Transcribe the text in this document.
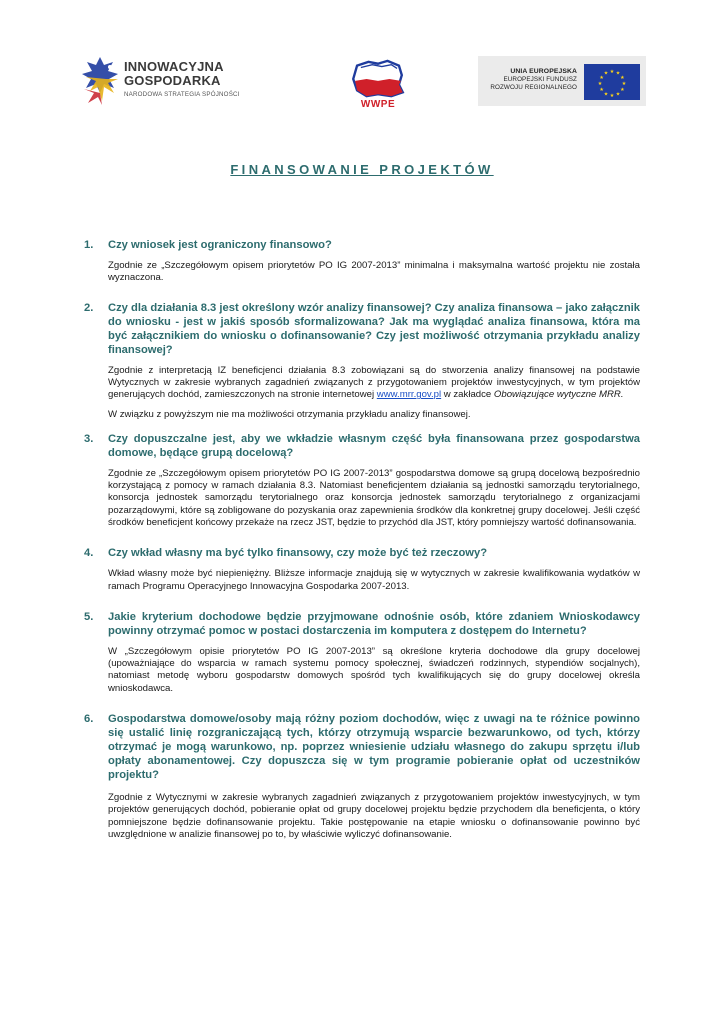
INNOWACYJNA
GOSPODARKA
NARODOWA STRATEGIA SPÓJNOŚCI
WWPE
UNIA EUROPEJSKA
EUROPEJSKI FUNDUSZ
ROZWOJU REGIONALNEGO
★ ★
★
★
★
★
★
★
★
★
★
★
FINANSOWANIE PROJEKTÓW
1.	Czy wniosek jest ograniczony finansowo?

Zgodnie ze „Szczegółowym opisem priorytetów PO IG 2007-2013” minimalna i maksymalna wartość projektu nie została wyznaczona.

2.	Czy dla działania 8.3 jest określony wzór analizy finansowej? Czy analiza finansowa – jako załącznik do wniosku - jest w jakiś sposób sformalizowana? Jak ma wyglądać analiza finansowa, która ma być załącznikiem do wniosku o dofinansowanie? Czy jest możliwość otrzymania przykładu analizy finansowej?

Zgodnie z interpretacją IZ beneficjenci działania 8.3 zobowiązani są do stworzenia analizy finansowej na podstawie Wytycznych w zakresie wybranych zagadnień związanych z przygotowaniem projektów inwestycyjnych, w tym projektów generujących dochód, zamieszczonych na stronie internetowej www.mrr.gov.pl w zakładce Obowiązujące wytyczne MRR.

W związku z powyższym nie ma możliwości otrzymania przykładu analizy finansowej.

3.	Czy dopuszczalne jest, aby we wkładzie własnym część była finansowana przez gospodarstwa domowe, będące grupą docelową?

Zgodnie ze „Szczegółowym opisem priorytetów PO IG 2007-2013” gospodarstwa domowe są grupą docelową bezpośrednio korzystającą z pomocy w ramach działania 8.3. Natomiast beneficjentem działania są jednostki samorządu terytorialnego, konsorcja jednostek samorządu terytorialnego oraz konsorcja jednostek samorządu terytorialnego z organizacjami pozarządowymi, które są zobligowane do pozyskania oraz zapewnienia środków dla konkretnej grupy docelowej. Jeśli część środków beneficjent końcowy przekaże na rzecz JST, będzie to przychód dla JST, który pomniejszy wartość dofinansowania.

4.	Czy wkład własny ma być tylko finansowy, czy może być też rzeczowy?

Wkład własny może być niepieniężny. Bliższe informacje znajdują się w wytycznych w zakresie kwalifikowania wydatków w ramach Programu Operacyjnego Innowacyjna Gospodarka 2007-2013.

5.	Jakie kryterium dochodowe będzie przyjmowane odnośnie osób, które zdaniem Wnioskodawcy powinny otrzymać pomoc w postaci dostarczenia im komputera z dostępem do Internetu?

W „Szczegółowym opisie priorytetów PO IG 2007-2013” są określone kryteria dochodowe dla grupy docelowej (upoważniające do wsparcia w ramach systemu pomocy społecznej, świadczeń rodzinnych, stypendiów socjalnych), natomiast metodę wyboru gospodarstw domowych spośród tych kwalifikujących się do grupy docelowej określa wnioskodawca.

6.	Gospodarstwa domowe/osoby mają różny poziom dochodów, więc z uwagi na te różnice powinno się ustalić linię rozgraniczającą tych, którzy otrzymują wsparcie bezwarunkowo, od tych, którzy otrzymać je mogą warunkowo, np. poprzez wniesienie udziału własnego do zakupu sprzętu i/lub opłaty abonamentowej. Czy dopuszcza się w tym programie pobieranie opłat od uczestników projektu?

Zgodnie z Wytycznymi w zakresie wybranych zagadnień związanych z przygotowaniem projektów inwestycyjnych, w tym projektów generujących dochód, pobieranie opłat od grupy docelowej projektu będzie przychodem dla beneficjenta, o który pomniejszone będzie dofinansowanie projektu. Takie postępowanie na etapie wniosku o dofinansowanie powinno być uwzględnione w analizie finansowej po to, by właściwie wyliczyć dofinansowanie.
